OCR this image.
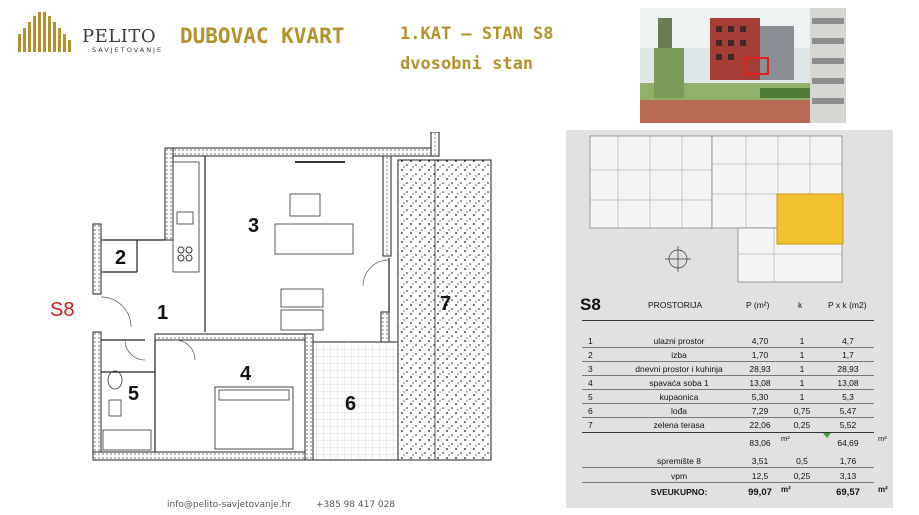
PELITO
SAVJETOVANJE
DUBOVAC KVART	1.KAT – STAN S8
dvosobni stan
S8	1
2
3
4
5	6
7	S8	PROSTORIJA	P (m²)	k	P x k (m2)
1	ulazni prostor	4,70	1	4,7
2	izba	1,70	1	1,7
3	dnevni prostor i kuhinja	28,93	1	28,93
4	spavaća soba 1	13,08	1	13,08
5	kupaonica	5,30	1	5,3
6	lođa	7,29	0,75	5,47
7	zelena terasa	22,06	0,25	5,52
83,06	m²	64,69	m²
spremište 8	3,51	0,5	1,76
vpm	12,5	0,25	3,13
SVEUKUPNO:	99,07	m²	69,57	m²
info@pelito-savjetovanje.hr	+385 98 417 028
